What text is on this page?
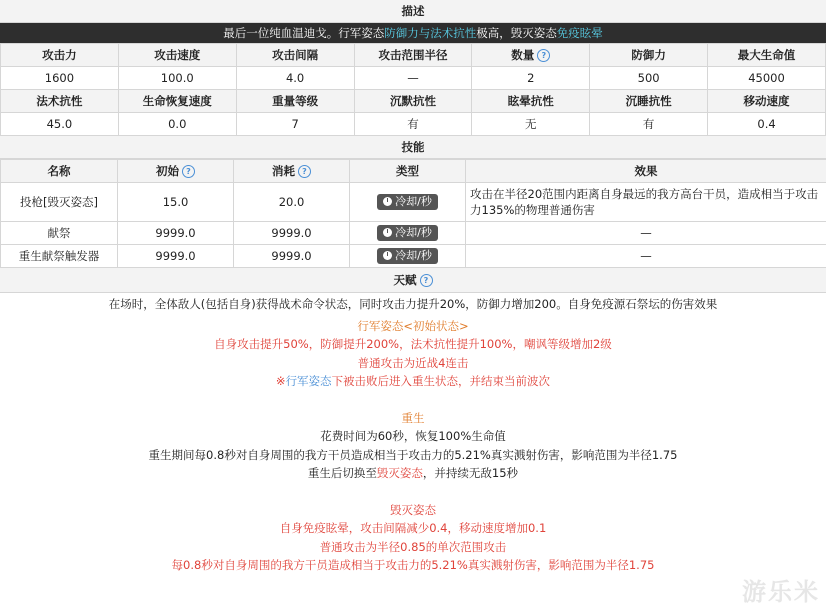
描述
最后一位纯血温迪戈。行军姿态防御力与法术抗性极高，毁灭姿态免疫眩晕
攻击力	攻击速度	攻击间隔	攻击范围半径	数量 ?	防御力	最大生命值
1600	100.0	4.0	—	2	500	45000
法术抗性	生命恢复速度	重量等级	沉默抗性	眩晕抗性	沉睡抗性	移动速度
45.0	0.0	7	有	无	有	0.4
技能
名称	初始 ?	消耗 ?	类型	效果
投枪[毁灭姿态]	15.0	20.0	冷却/秒	攻击在半径20范围内距离自身最远的我方高台干员，造成相当于攻击力135%的物理普通伤害
献祭	9999.0	9999.0	冷却/秒	—
重生献祭触发器	9999.0	9999.0	冷却/秒	—
天赋 ?
在场时，全体敌人(包括自身)获得战术命令状态，同时攻击力提升20%，防御力增加200。自身免疫源石祭坛的伤害效果
行军姿态<初始状态>
自身攻击提升50%，防御提升200%，法术抗性提升100%，嘲讽等级增加2级
普通攻击为近战4连击
※行军姿态下被击败后进入重生状态，并结束当前波次
重生
花费时间为60秒，恢复100%生命值
重生期间每0.8秒对自身周围的我方干员造成相当于攻击力的5.21%真实溅射伤害，影响范围为半径1.75
重生后切换至毁灭姿态，并持续无敌15秒
毁灭姿态
自身免疫眩晕，攻击间隔减少0.4，移动速度增加0.1
普通攻击为半径0.85的单次范围攻击
每0.8秒对自身周围的我方干员造成相当于攻击力的5.21%真实溅射伤害，影响范围为半径1.75
游乐米
